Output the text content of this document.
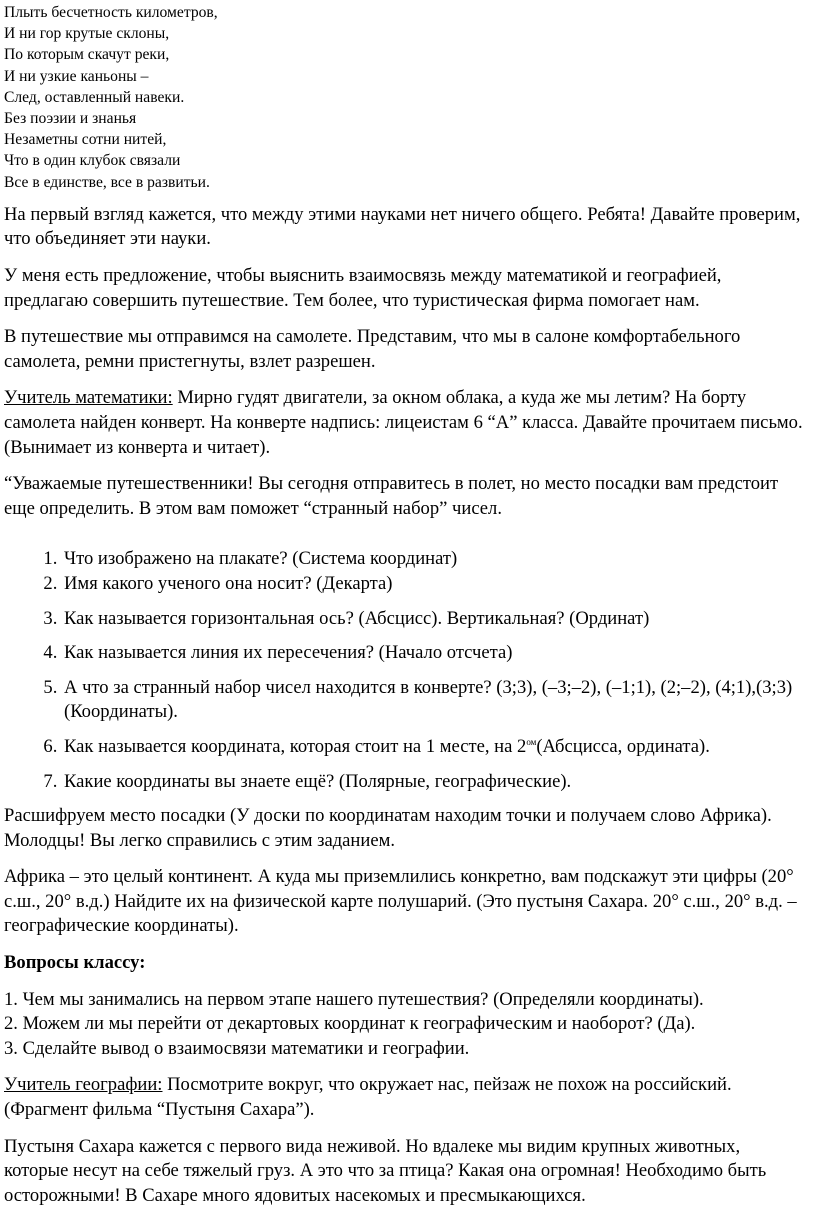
Плыть бесчетность километров,
И ни гор крутые склоны,
По которым скачут реки,
И ни узкие каньоны –
След, оставленный навеки.
Без поэзии и знанья
Незаметны сотни нитей,
Что в один клубок связали
Все в единстве, все в развитьи.

На первый взгляд кажется, что между этими науками нет ничего общего. Ребята! Давайте проверим, что объединяет эти науки.

У меня есть предложение, чтобы выяснить взаимосвязь между математикой и географией, предлагаю совершить путешествие. Тем более, что туристическая фирма помогает нам.

В путешествие мы отправимся на самолете. Представим, что мы в салоне комфортабельного самолета, ремни пристегнуты, взлет разрешен.

Учитель математики: Мирно гудят двигатели, за окном облака, а куда же мы летим? На борту самолета найден конверт. На конверте надпись: лицеистам 6 “А” класса. Давайте прочитаем письмо. (Вынимает из конверта и читает).

“Уважаемые путешественники! Вы сегодня отправитесь в полет, но место посадки вам предстоит еще определить. В этом вам поможет “странный набор” чисел.

1. Что изображено на плакате? (Система координат)
2. Имя какого ученого она носит? (Декарта)
3. Как называется горизонтальная ось? (Абсцисс). Вертикальная? (Ординат)
4. Как называется линия их пересечения? (Начало отсчета)
5. А что за странный набор чисел находится в конверте? (3;3), (–3;–2), (–1;1), (2;–2), (4;1),(3;3) (Координаты).
6. Как называется координата, которая стоит на 1 месте, на $2^{ом}(Абсцисса$, ордината).
7. Какие координаты вы знаете ещё? (Полярные, географические).

Расшифруем место посадки (У доски по координатам находим точки и получаем слово Африка). Молодцы! Вы легко справились с этим заданием.

Африка – это целый континент. А куда мы приземлились конкретно, вам подскажут эти цифры (20° с.ш., 20° в.д.) Найдите их на физической карте полушарий. (Это пустыня Сахара. 20° с.ш., 20° в.д. – географические координаты).

Вопросы классу:

1. Чем мы занимались на первом этапе нашего путешествия? (Определяли координаты).
2. Можем ли мы перейти от декартовых координат к географическим и наоборот? (Да).
3. Сделайте вывод о взаимосвязи математики и географии.

Учитель географии: Посмотрите вокруг, что окружает нас, пейзаж не похож на российский. (Фрагмент фильма “Пустыня Сахара”).

Пустыня Сахара кажется с первого вида неживой. Но вдалеке мы видим крупных животных, которые несут на себе тяжелый груз. А это что за птица? Какая она огромная! Необходимо быть осторожными! В Сахаре много ядовитых насекомых и пресмыкающихся.
